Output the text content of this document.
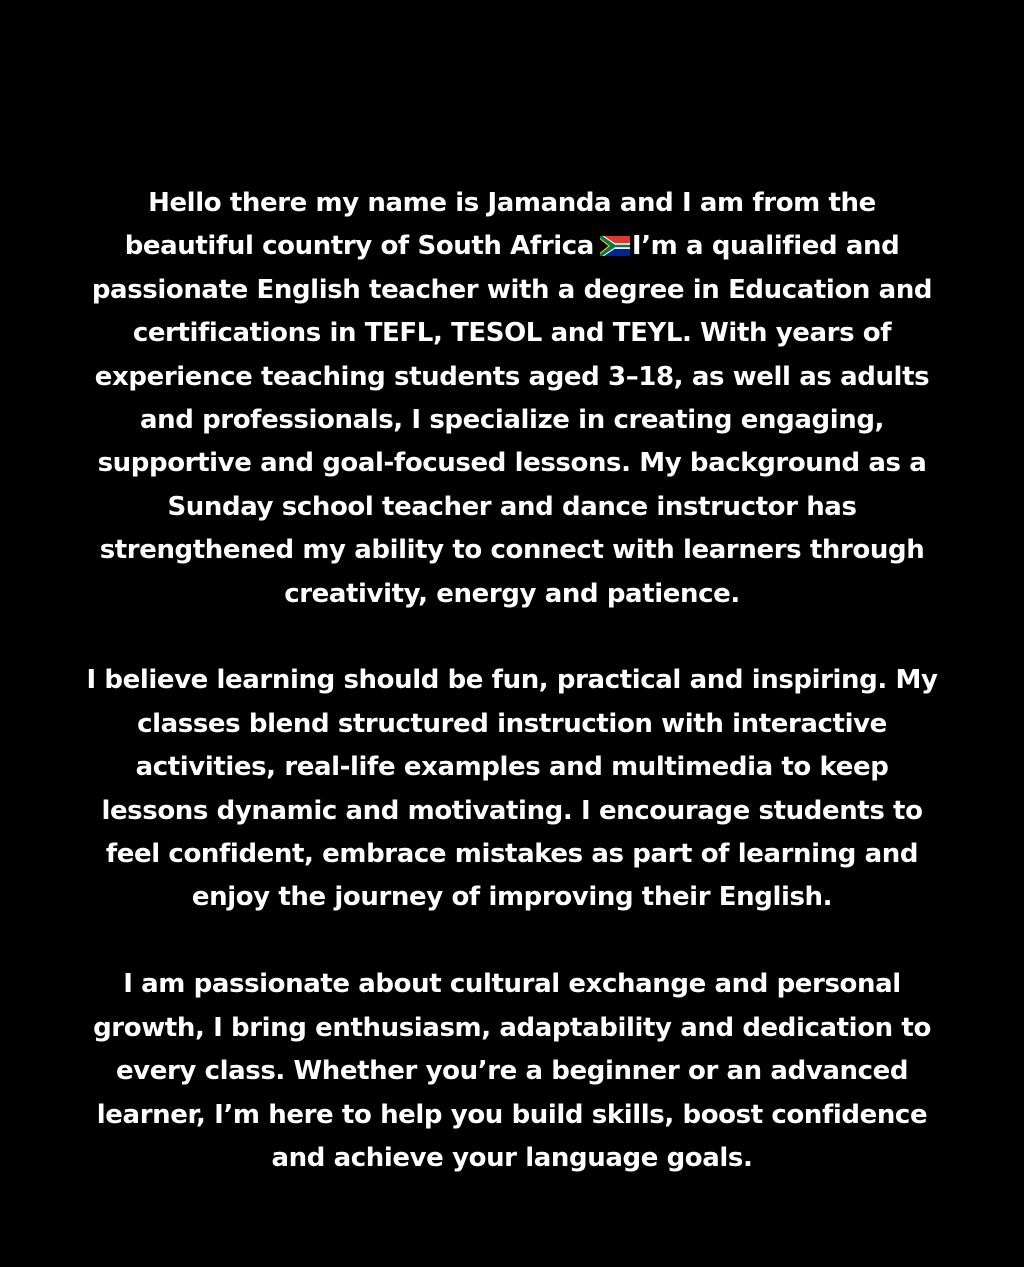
Hello there my name is Jamanda and I am from the
beautiful country of South Africa I’m a qualified and
passionate English teacher with a degree in Education and
certifications in TEFL, TESOL and TEYL. With years of
experience teaching students aged 3–18, as well as adults
and professionals, I specialize in creating engaging,
supportive and goal-focused lessons. My background as a
Sunday school teacher and dance instructor has
strengthened my ability to connect with learners through
creativity, energy and patience.

I believe learning should be fun, practical and inspiring. My
classes blend structured instruction with interactive
activities, real-life examples and multimedia to keep
lessons dynamic and motivating. I encourage students to
feel confident, embrace mistakes as part of learning and
enjoy the journey of improving their English.

I am passionate about cultural exchange and personal
growth, I bring enthusiasm, adaptability and dedication to
every class. Whether you’re a beginner or an advanced
learner, I’m here to help you build skills, boost confidence
and achieve your language goals.
